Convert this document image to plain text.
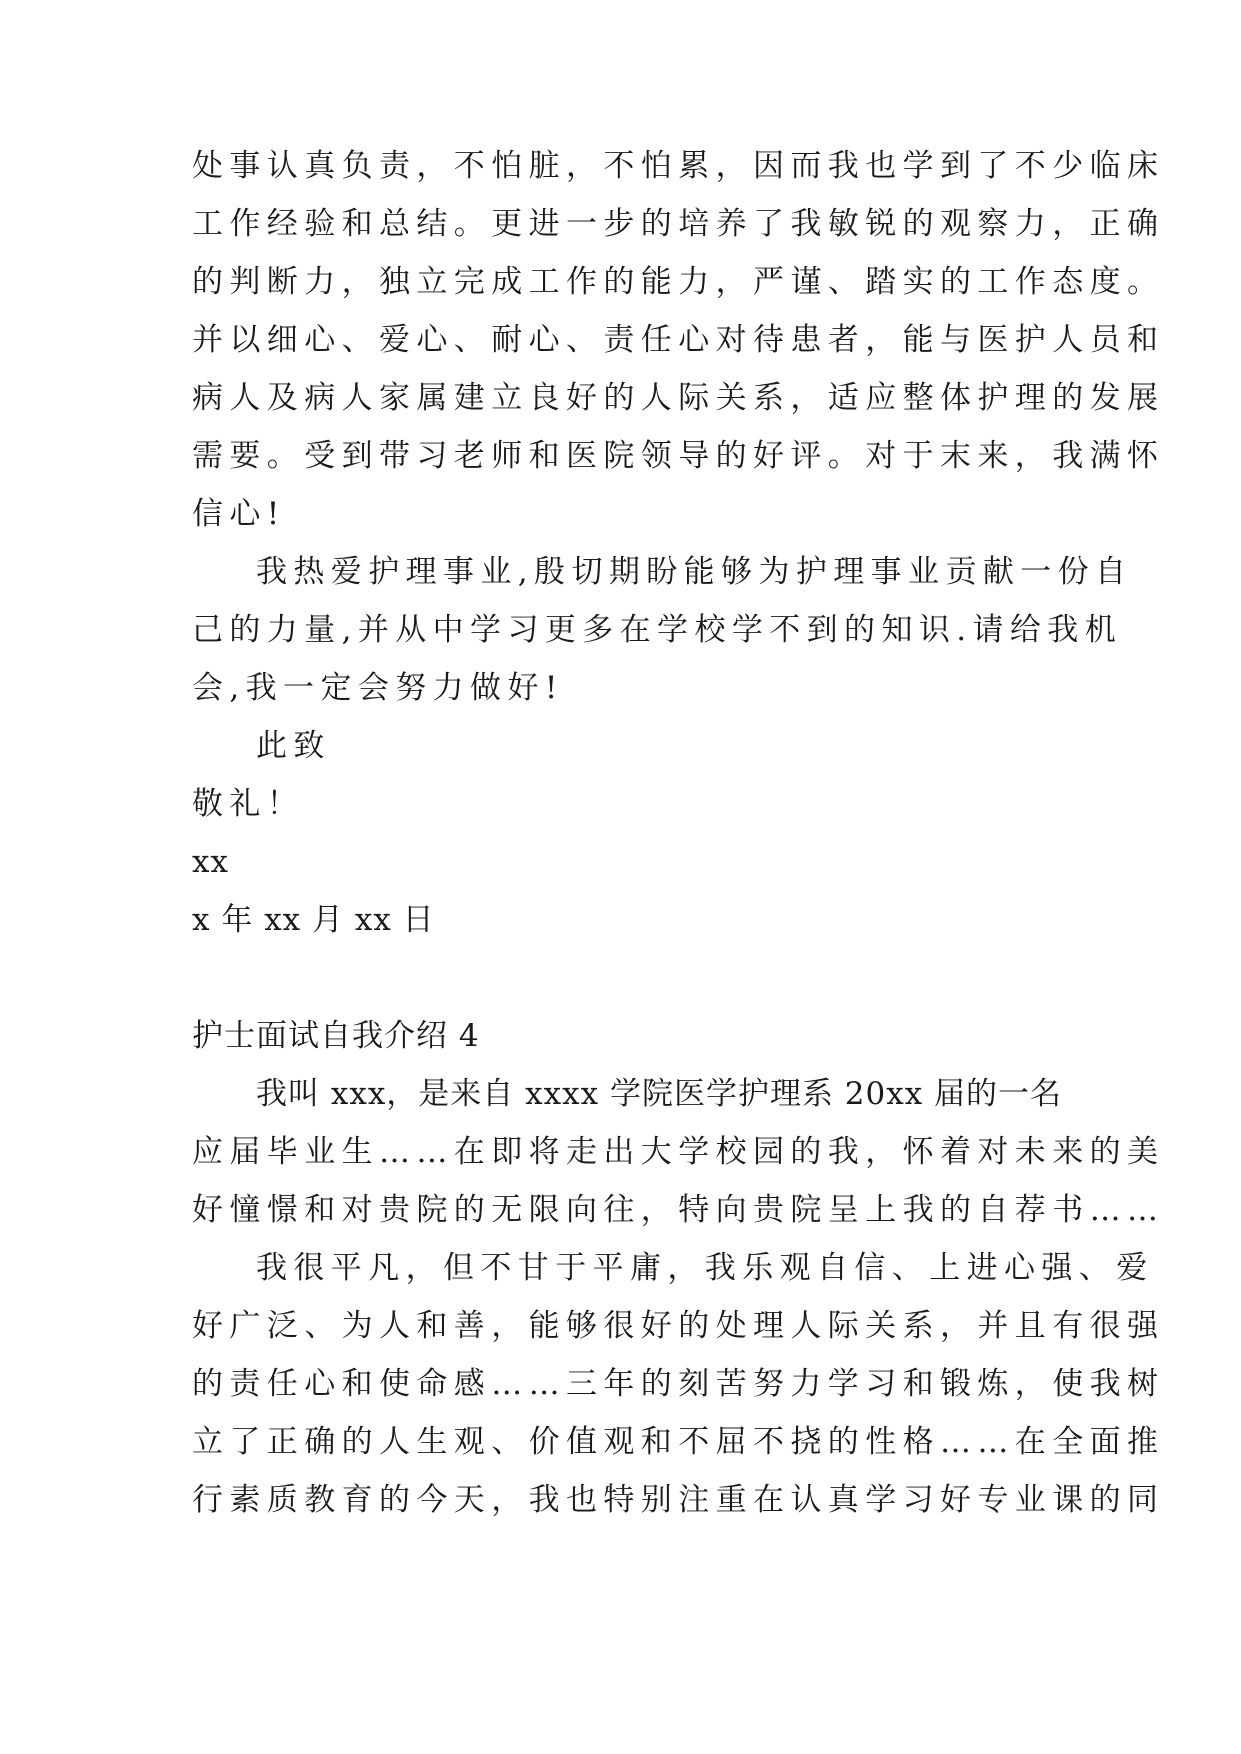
处事认真负责，不怕脏，不怕累，因而我也学到了不少临床
工作经验和总结。更进一步的培养了我敏锐的观察力，正确
的判断力，独立完成工作的能力，严谨、踏实的工作态度。
并以细心、爱心、耐心、责任心对待患者，能与医护人员和
病人及病人家属建立良好的人际关系，适应整体护理的发展
需要。受到带习老师和医院领导的好评。对于末来，我满怀
信心!
我热爱护理事业,殷切期盼能够为护理事业贡献一份自
己的力量,并从中学习更多在学校学不到的知识.请给我机
会,我一定会努力做好!
此致
敬礼！
xx
x 年 xx 月 xx 日
护士面试自我介绍 4
我叫 xxx，是来自 xxxx 学院医学护理系 20xx 届的一名
应届毕业生……在即将走出大学校园的我，怀着对未来的美
好憧憬和对贵院的无限向往，特向贵院呈上我的自荐书……
我很平凡，但不甘于平庸，我乐观自信、上进心强、爱
好广泛、为人和善，能够很好的处理人际关系，并且有很强
的责任心和使命感……三年的刻苦努力学习和锻炼，使我树
立了正确的人生观、价值观和不屈不挠的性格……在全面推
行素质教育的今天，我也特别注重在认真学习好专业课的同
